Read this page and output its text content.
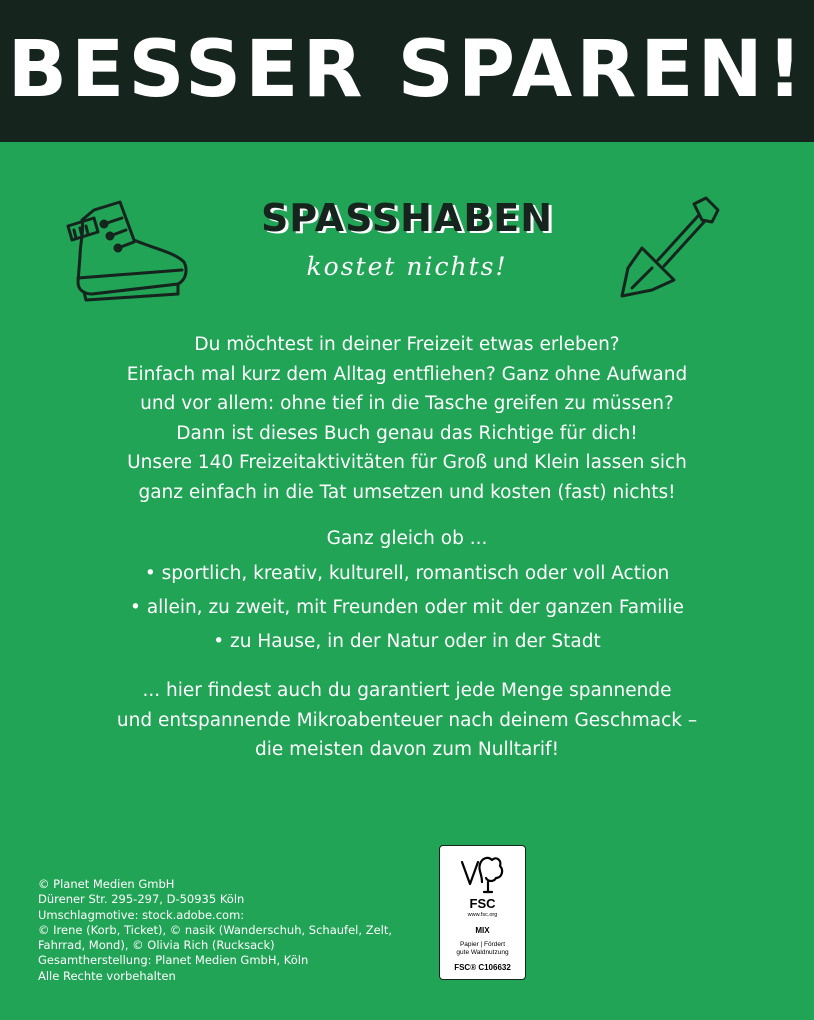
BESSER SPAREN!
SPASSHABEN
kostet nichts!
Du möchtest in deiner Freizeit etwas erleben?
Einfach mal kurz dem Alltag entfliehen? Ganz ohne Aufwand
und vor allem: ohne tief in die Tasche greifen zu müssen?
Dann ist dieses Buch genau das Richtige für dich!
Unsere 140 Freizeitaktivitäten für Groß und Klein lassen sich
ganz einfach in die Tat umsetzen und kosten (fast) nichts!
Ganz gleich ob ...
• sportlich, kreativ, kulturell, romantisch oder voll Action
• allein, zu zweit, mit Freunden oder mit der ganzen Familie
• zu Hause, in der Natur oder in der Stadt
... hier findest auch du garantiert jede Menge spannende
und entspannende Mikroabenteuer nach deinem Geschmack –
die meisten davon zum Nulltarif!
© Planet Medien GmbH
Dürener Str. 295-297, D-50935 Köln
Umschlagmotive: stock.adobe.com:
© Irene (Korb, Ticket), © nasik (Wanderschuh, Schaufel, Zelt,
Fahrrad, Mond), © Olivia Rich (Rucksack)
Gesamtherstellung: Planet Medien GmbH, Köln
Alle Rechte vorbehalten
FSC
www.fsc.org
MIX
Papier | Fördert
gute Waldnutzung
FSC® C106632
